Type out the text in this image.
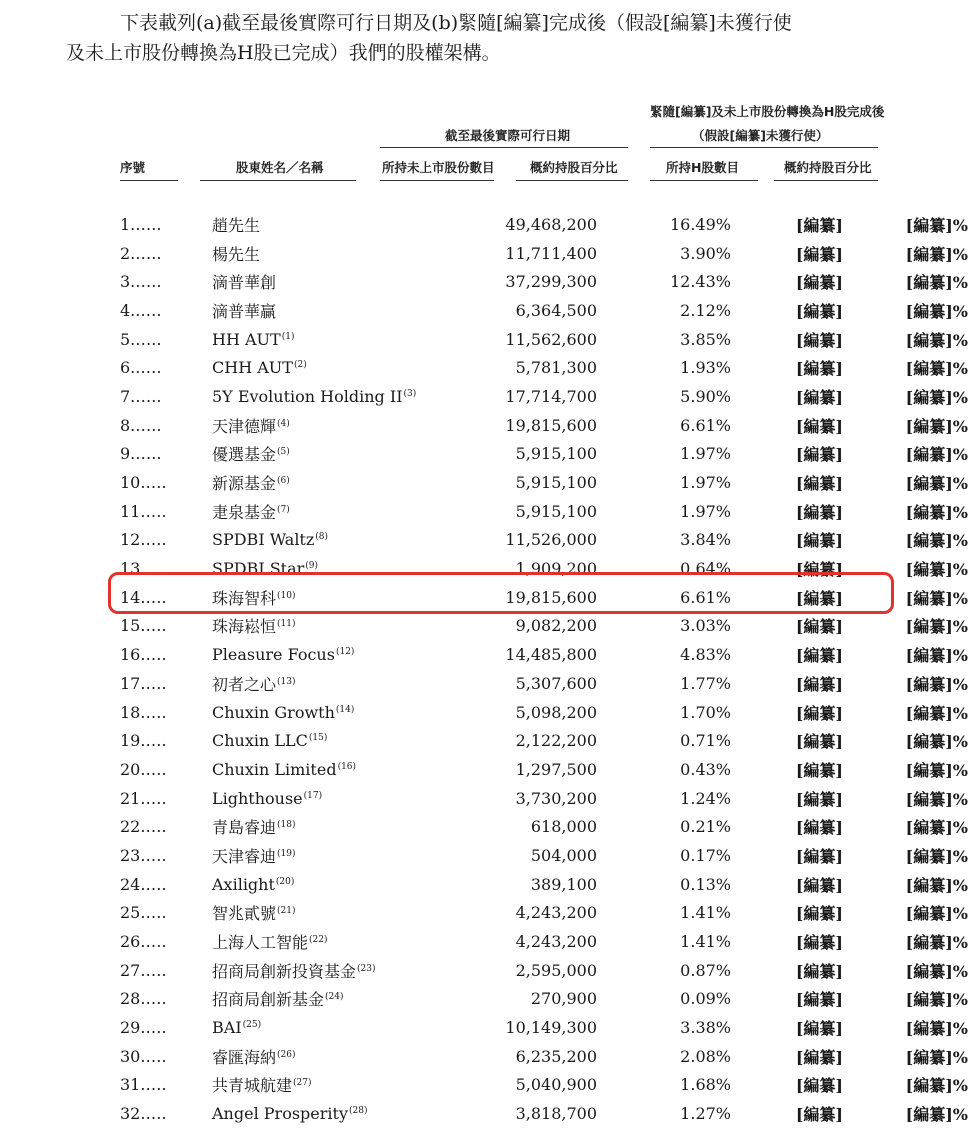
下表載列(a)截至最後實際可行日期及(b)緊隨[編纂]完成後（假設[編纂]未獲行使
及未上市股份轉換為H股已完成）我們的股權架構。

緊隨[編纂]及未上市股份轉換為H股完成後
（假設[編纂]未獲行使）
截至最後實際可行日期
序號	股東姓名／名稱	所持未上市股份數目	概約持股百分比	所持H股數目	概約持股百分比
1.…..	趙先生	49,468,200	16.49%	[編纂]	[編纂]%
2.…..	楊先生	11,711,400	3.90%	[編纂]	[編纂]%
3.…..	滴普華創	37,299,300	12.43%	[編纂]	[編纂]%
4..….	滴普華贏	6,364,500	2.12%	[編纂]	[編纂]%
5.…..	HH AUT$^{(1)}$	11,562,600	3.85%	[編纂]	[編纂]%
6..….	CHH AUT$^{(2)}$	5,781,300	1.93%	[編纂]	[編纂]%
7.…..	5Y Evolution Holding II$^{(3)}$	17,714,700	5.90%	[編纂]	[編纂]%
8.…..	天津德輝$^{(4)}$	19,815,600	6.61%	[編纂]	[編纂]%
9.…..	優選基金$^{(5)}$	5,915,100	1.97%	[編纂]	[編纂]%
10.….	新源基金$^{(6)}$	5,915,100	1.97%	[編纂]	[編纂]%
11.….	疌泉基金$^{(7)}$	5,915,100	1.97%	[編纂]	[編纂]%
12.….	SPDBI Waltz$^{(8)}$	11,526,000	3.84%	[編纂]	[編纂]%
13.….	SPDBI Star$^{(9)}$	1,909,200	0.64%	[編纂]	[編纂]%
14.….	珠海智科$^{(10)}$	19,815,600	6.61%	[編纂]	[編纂]%
15.….	珠海崧恒$^{(11)}$	9,082,200	3.03%	[編纂]	[編纂]%
16.….	Pleasure Focus$^{(12)}$	14,485,800	4.83%	[編纂]	[編纂]%
17.….	初者之心$^{(13)}$	5,307,600	1.77%	[編纂]	[編纂]%
18.….	Chuxin Growth$^{(14)}$	5,098,200	1.70%	[編纂]	[編纂]%
19.….	Chuxin LLC$^{(15)}$	2,122,200	0.71%	[編纂]	[編纂]%
20.….	Chuxin Limited$^{(16)}$	1,297,500	0.43%	[編纂]	[編纂]%
21.….	Lighthouse$^{(17)}$	3,730,200	1.24%	[編纂]	[編纂]%
22.….	青島睿迪$^{(18)}$	618,000	0.21%	[編纂]	[編纂]%
23.….	天津睿迪$^{(19)}$	504,000	0.17%	[編纂]	[編纂]%
24.….	Axilight$^{(20)}$	389,100	0.13%	[編纂]	[編纂]%
25.….	智兆貳號$^{(21)}$	4,243,200	1.41%	[編纂]	[編纂]%
26.….	上海人工智能$^{(22)}$	4,243,200	1.41%	[編纂]	[編纂]%
27.….	招商局創新投資基金$^{(23)}$	2,595,000	0.87%	[編纂]	[編纂]%
28.….	招商局創新基金$^{(24)}$	270,900	0.09%	[編纂]	[編纂]%
29.….	BAI$^{(25)}$	10,149,300	3.38%	[編纂]	[編纂]%
30.….	睿匯海納$^{(26)}$	6,235,200	2.08%	[編纂]	[編纂]%
31.….	共青城航建$^{(27)}$	5,040,900	1.68%	[編纂]	[編纂]%
32.….	Angel Prosperity$^{(28)}$	3,818,700	1.27%	[編纂]	[編纂]%
